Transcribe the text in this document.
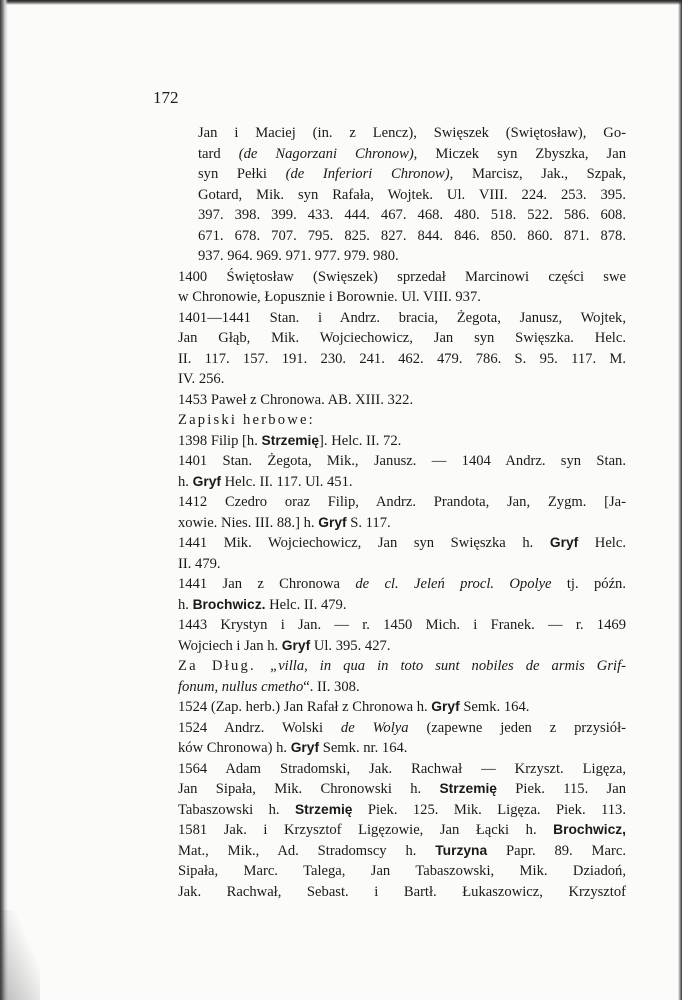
172
Jan i Maciej (in. z Lencz), Swięszek (Swiętosław), Go-
tard (de Nagorzani Chronow), Miczek syn Zbyszka, Jan
syn Pełki (de Inferiori Chronow), Marcisz, Jak., Szpak,
Gotard, Mik. syn Rafała, Wojtek. Ul. VIII. 224. 253. 395.
397. 398. 399. 433. 444. 467. 468. 480. 518. 522. 586. 608.
671. 678. 707. 795. 825. 827. 844. 846. 850. 860. 871. 878.
937. 964. 969. 971. 977. 979. 980.
1400 Świętosław (Swięszek) sprzedał Marcinowi części swe
w Chronowie, Łopusznie i Borownie. Ul. VIII. 937.
1401—1441 Stan. i Andrz. bracia, Żegota, Janusz, Wojtek,
Jan Głąb, Mik. Wojciechowicz, Jan syn Swięszka. Helc.
II. 117. 157. 191. 230. 241. 462. 479. 786. S. 95. 117. M.
IV. 256.
1453 Paweł z Chronowa. AB. XIII. 322.
Zapiski herbowe:
1398 Filip [h. Strzemię]. Helc. II. 72.
1401 Stan. Żegota, Mik., Janusz. — 1404 Andrz. syn Stan.
h. Gryf Helc. II. 117. Ul. 451.
1412 Czedro oraz Filip, Andrz. Prandota, Jan, Zygm. [Ja-
xowie. Nies. III. 88.] h. Gryf S. 117.
1441 Mik. Wojciechowicz, Jan syn Swięszka h. Gryf Helc.
II. 479.
1441 Jan z Chronowa de cl. Jeleń procl. Opolye tj. późn.
h. Brochwicz. Helc. II. 479.
1443 Krystyn i Jan. — r. 1450 Mich. i Franek. — r. 1469
Wojciech i Jan h. Gryf Ul. 395. 427.
Za Dług. „villa, in qua in toto sunt nobiles de armis Grif-
fonum, nullus cmetho“. II. 308.
1524 (Zap. herb.) Jan Rafał z Chronowa h. Gryf Semk. 164.
1524 Andrz. Wolski de Wolya (zapewne jeden z przysiół-
ków Chronowa) h. Gryf Semk. nr. 164.
1564 Adam Stradomski, Jak. Rachwał — Krzyszt. Ligęza,
Jan Sipała, Mik. Chronowski h. Strzemię Piek. 115. Jan
Tabaszowski h. Strzemię Piek. 125. Mik. Ligęza. Piek. 113.
1581 Jak. i Krzysztof Ligęzowie, Jan Łącki h. Brochwicz,
Mat., Mik., Ad. Stradomscy h. Turzyna Papr. 89. Marc.
Sipała, Marc. Talega, Jan Tabaszowski, Mik. Dziadoń,
Jak. Rachwał, Sebast. i Bartł. Łukaszowicz, Krzysztof
